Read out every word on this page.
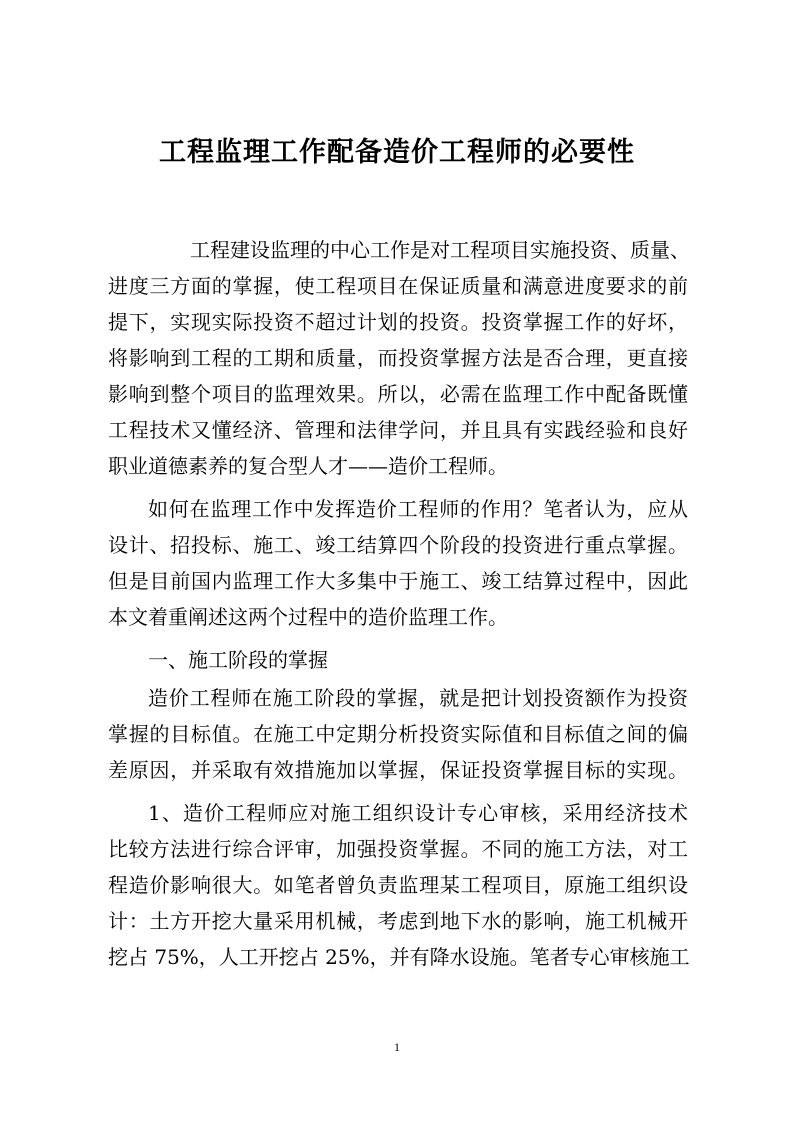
工程监理工作配备造价工程师的必要性
工程建设监理的中心工作是对工程项目实施投资、质量、
进度三方面的掌握，使工程项目在保证质量和满意进度要求的前
提下，实现实际投资不超过计划的投资。投资掌握工作的好坏，
将影响到工程的工期和质量，而投资掌握方法是否合理，更直接
影响到整个项目的监理效果。所以，必需在监理工作中配备既懂
工程技术又懂经济、管理和法律学问，并且具有实践经验和良好
职业道德素养的复合型人才——造价工程师。
如何在监理工作中发挥造价工程师的作用？笔者认为，应从
设计、招投标、施工、竣工结算四个阶段的投资进行重点掌握。
但是目前国内监理工作大多集中于施工、竣工结算过程中，因此
本文着重阐述这两个过程中的造价监理工作。
一、施工阶段的掌握
造价工程师在施工阶段的掌握，就是把计划投资额作为投资
掌握的目标值。在施工中定期分析投资实际值和目标值之间的偏
差原因，并采取有效措施加以掌握，保证投资掌握目标的实现。
1、造价工程师应对施工组织设计专心审核，采用经济技术
比较方法进行综合评审，加强投资掌握。不同的施工方法，对工
程造价影响很大。如笔者曾负责监理某工程项目，原施工组织设
计：土方开挖大量采用机械，考虑到地下水的影响，施工机械开
挖占 75%，人工开挖占 25%，并有降水设施。笔者专心审核施工
1
